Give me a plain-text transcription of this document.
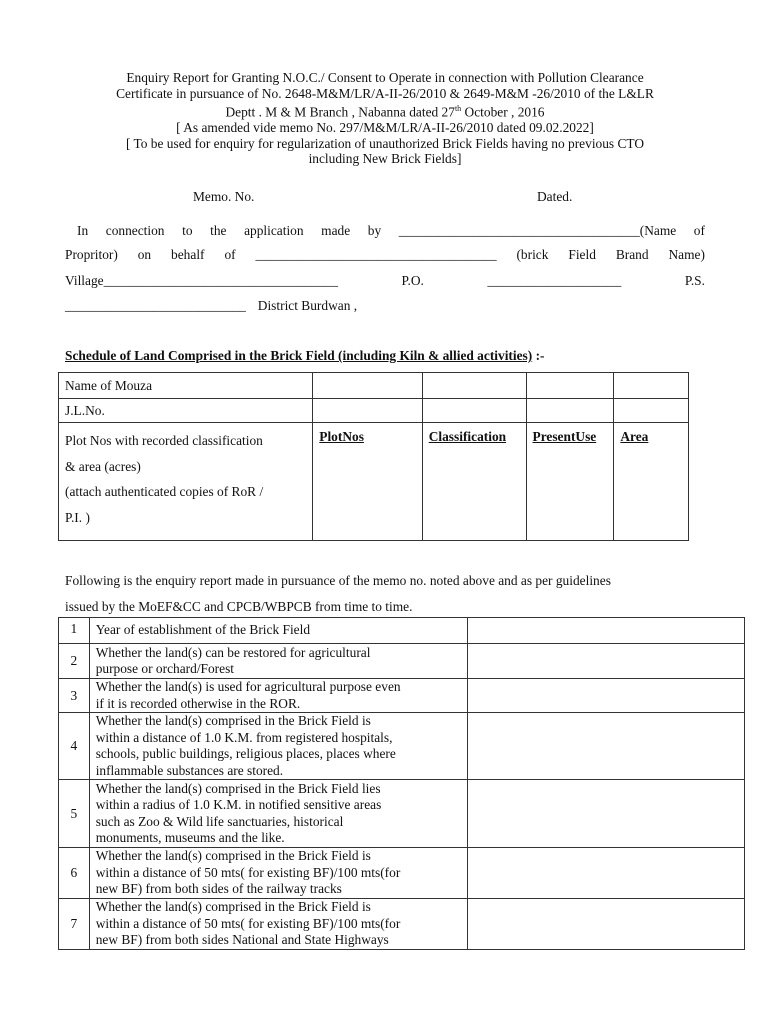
Enquiry Report for Granting N.O.C./ Consent to Operate in connection with Pollution Clearance
Certificate in pursuance of No. 2648-M&M/LR/A-II-26/2010 & 2649-M&M -26/2010 of the L&LR
Deptt . M & M Branch , Nabanna dated 27th October , 2016
[ As amended vide memo No. 297/M&M/LR/A-II-26/2010 dated 09.02.2022]
[ To be used for enquiry for regularization of unauthorized Brick Fields having no previous CTO
including New Brick Fields]
Memo. No.	Dated.
In connection to the application made by ____________________________________(Name of
Propritor) on behalf of ____________________________________ (brick Field Brand Name)
Village___________________________________	P.O.	____________________	P.S.
___________________________ District Burdwan ,
Schedule of Land Comprised in the Brick Field (including Kiln & allied activities) :-
Name of Mouza				
J.L.No.				

Plot Nos with recorded classification
& area (acres)
(attach authenticated copies of RoR /
P.I. )	PlotNos	Classification	PresentUse	Area
Following is the enquiry report made in pursuance of the memo no. noted above and as per guidelines
issued by the MoEF&CC and CPCB/WBPCB from time to time.
1	Year of establishment of the Brick Field	

2	Whether the land(s) can be restored for agricultural
purpose or orchard/Forest	

3	Whether the land(s) is used for agricultural purpose even
if it is recorded otherwise in the ROR.	

4	Whether the land(s) comprised in the Brick Field is
within a distance of 1.0 K.M. from registered hospitals,
schools, public buildings, religious places, places where
inflammable substances are stored.	

5	Whether the land(s) comprised in the Brick Field lies
within a radius of 1.0 K.M. in notified sensitive areas
such as Zoo & Wild life sanctuaries, historical
monuments, museums and the like.	

6	Whether the land(s) comprised in the Brick Field is
within a distance of 50 mts( for existing BF)/100 mts(for
new BF) from both sides of the railway tracks	

7	Whether the land(s) comprised in the Brick Field is
within a distance of 50 mts( for existing BF)/100 mts(for
new BF) from both sides National and State Highways	
